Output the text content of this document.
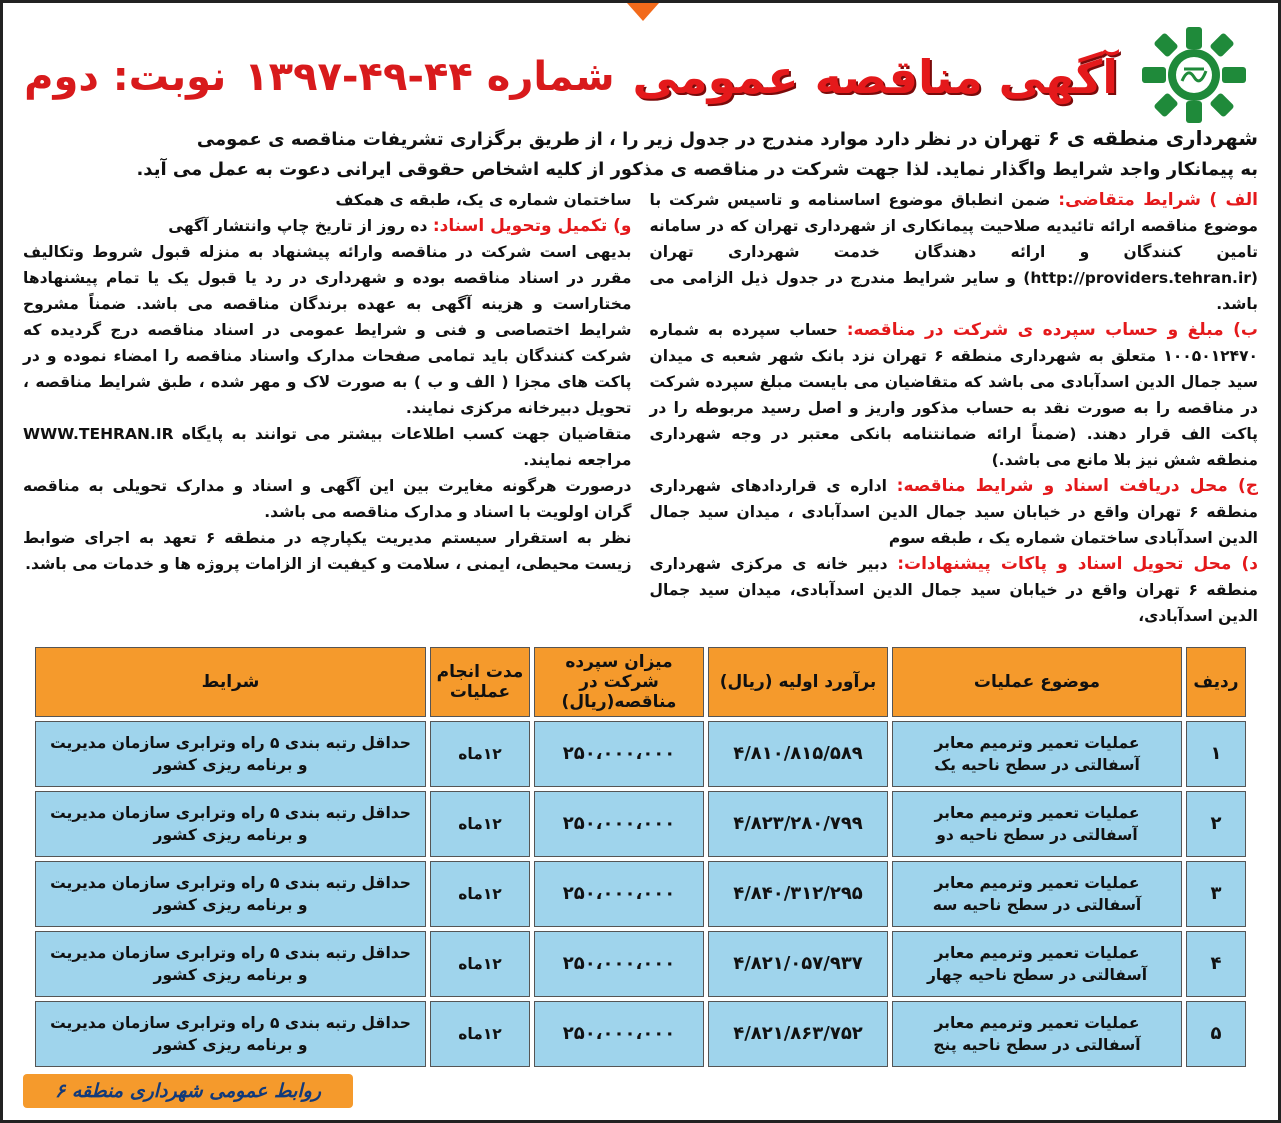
آگهی مناقصه عمومی
شماره ۴۴-۴۹-۱۳۹۷
نوبت: دوم
شهرداری منطقه ی ۶ تهران در نظر دارد موارد مندرج در جدول زیر را ، از طریق برگزاری تشریفات مناقصه ی عمومی
به پیمانکار واجد شرایط واگذار نماید. لذا جهت شرکت در مناقصه ی مذکور از کلیه اشخاص حقوقی ایرانی دعوت به عمل می آید.

الف ) شرایط متقاضی: ضمن انطباق موضوع اساسنامه و تاسیس شرکت با موضوع مناقصه ارائه تائیدیه صلاحیت پیمانکاری از شهرداری تهران که در سامانه تامین کنندگان و ارائه دهندگان خدمت شهرداری تهران (http://providers.tehran.ir) و سایر شرایط مندرج در جدول ذیل الزامی می باشد.

ب) مبلغ و حساب سپرده ی شرکت در مناقصه: حساب سپرده به شماره ۱۰۰۵۰۱۲۴۷۰ متعلق به شهرداری منطقه ۶ تهران نزد بانک شهر شعبه ی میدان سید جمال الدین اسدآبادی می باشد که متقاضیان می بایست مبلغ سپرده شرکت در مناقصه را به صورت نقد به حساب مذکور واریز و اصل رسید مربوطه را در پاکت الف قرار دهند. (ضمناً ارائه ضمانتنامه بانکی معتبر در وجه شهرداری منطقه شش نیز بلا مانع می باشد.)

ج) محل دریافت اسناد و شرایط مناقصه: اداره ی قراردادهای شهرداری منطقه ۶ تهران واقع در خیابان سید جمال الدین اسدآبادی ، میدان سید جمال الدین اسدآبادی ساختمان شماره یک ، طبقه سوم

د) محل تحویل اسناد و پاکات پیشنهادات: دبیر خانه ی مرکزی شهرداری منطقه ۶ تهران واقع در خیابان سید جمال الدین اسدآبادی، میدان سید جمال الدین اسدآبادی،

ساختمان شماره ی یک، طبقه ی همکف

و) تکمیل وتحویل اسناد: ده روز از تاریخ چاپ وانتشار آگهی

بدیهی است شرکت در مناقصه وارائه پیشنهاد به منزله قبول شروط وتکالیف مقرر در اسناد مناقصه بوده و شهرداری در رد یا قبول یک یا تمام پیشنهادها مختاراست و هزینه آگهی به عهده برندگان مناقصه می باشد. ضمناً مشروح شرایط اختصاصی و فنی و شرایط عمومی در اسناد مناقصه درج گردیده که شرکت کنندگان باید تمامی صفحات مدارک واسناد مناقصه را امضاء نموده و در پاکت های مجزا ( الف و ب ) به صورت لاک و مهر شده ، طبق شرایط مناقصه ، تحویل دبیرخانه مرکزی نمایند.

متقاضیان جهت کسب اطلاعات بیشتر می توانند به پایگاه WWW.TEHRAN.IR مراجعه نمایند.

درصورت هرگونه مغایرت بین این آگهی و اسناد و مدارک تحویلی به مناقصه گران اولویت با اسناد و مدارک مناقصه می باشد.

نظر به استقرار سیستم مدیریت یکپارچه در منطقه ۶ تعهد به اجرای ضوابط زیست محیطی، ایمنی ، سلامت و کیفیت از الزامات پروژه ها و خدمات می باشد.

ردیف	موضوع عملیات	برآورد اولیه (ریال)	میزان سپرده شرکت در مناقصه(ریال)	مدت انجام عملیات	شرایط
۱	عملیات تعمیر وترمیم معابر آسفالتی در سطح ناحیه یک	۴/۸۱۰/۸۱۵/۵۸۹	۲۵۰،۰۰۰،۰۰۰	۱۲ماه	حداقل رتبه بندی ۵ راه وترابری سازمان مدیریت و برنامه ریزی کشور
۲	عملیات تعمیر وترمیم معابر آسفالتی در سطح ناحیه دو	۴/۸۲۳/۲۸۰/۷۹۹	۲۵۰،۰۰۰،۰۰۰	۱۲ماه	حداقل رتبه بندی ۵ راه وترابری سازمان مدیریت و برنامه ریزی کشور
۳	عملیات تعمیر وترمیم معابر آسفالتی در سطح ناحیه سه	۴/۸۴۰/۳۱۲/۲۹۵	۲۵۰،۰۰۰،۰۰۰	۱۲ماه	حداقل رتبه بندی ۵ راه وترابری سازمان مدیریت و برنامه ریزی کشور
۴	عملیات تعمیر وترمیم معابر آسفالتی در سطح ناحیه چهار	۴/۸۲۱/۰۵۷/۹۳۷	۲۵۰،۰۰۰،۰۰۰	۱۲ماه	حداقل رتبه بندی ۵ راه وترابری سازمان مدیریت و برنامه ریزی کشور
۵	عملیات تعمیر وترمیم معابر آسفالتی در سطح ناحیه پنج	۴/۸۲۱/۸۶۳/۷۵۲	۲۵۰،۰۰۰،۰۰۰	۱۲ماه	حداقل رتبه بندی ۵ راه وترابری سازمان مدیریت و برنامه ریزی کشور
روابط عمومی شهرداری منطقه ۶
